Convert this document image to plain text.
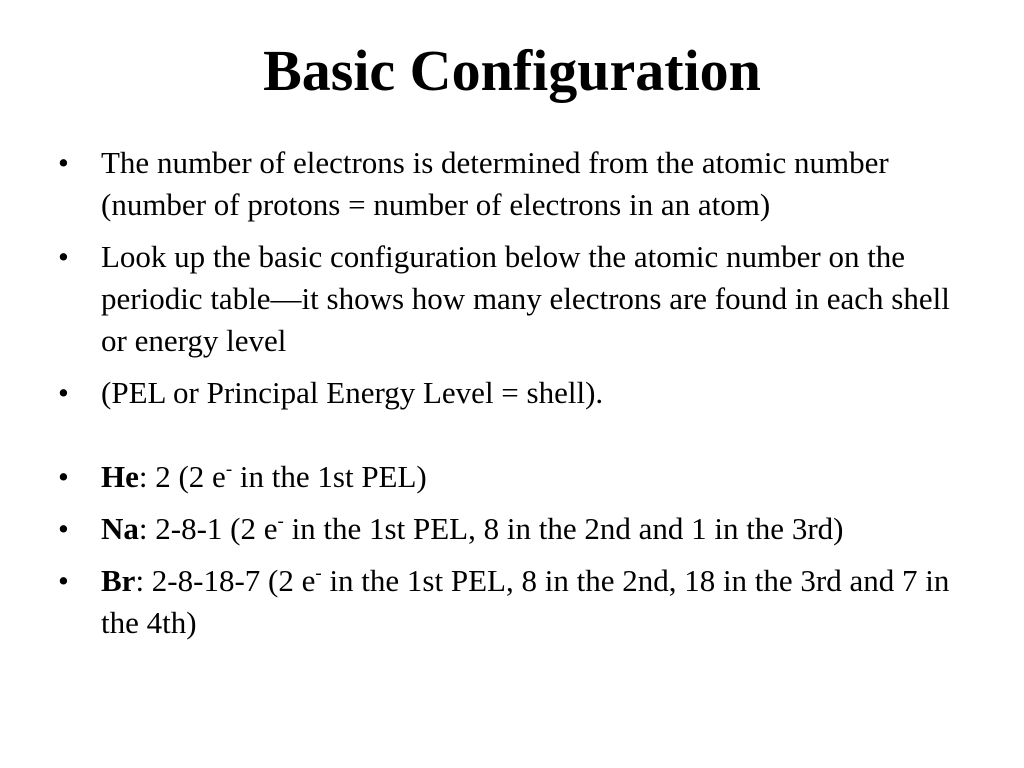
Basic Configuration
•	The number of electrons is determined from the atomic number (number of protons = number of electrons in an atom)
•	Look up the basic configuration below the atomic number on the periodic table—it shows how many electrons are found in each shell or energy level
•	(PEL or Principal Energy Level = shell).
•	He: 2 (2 e- in the 1st PEL)
•	Na: 2-8-1 (2 e- in the 1st PEL, 8 in the 2nd and 1 in the 3rd)
•	Br: 2-8-18-7 (2 e- in the 1st PEL, 8 in the 2nd, 18 in the 3rd and 7 in the 4th)
